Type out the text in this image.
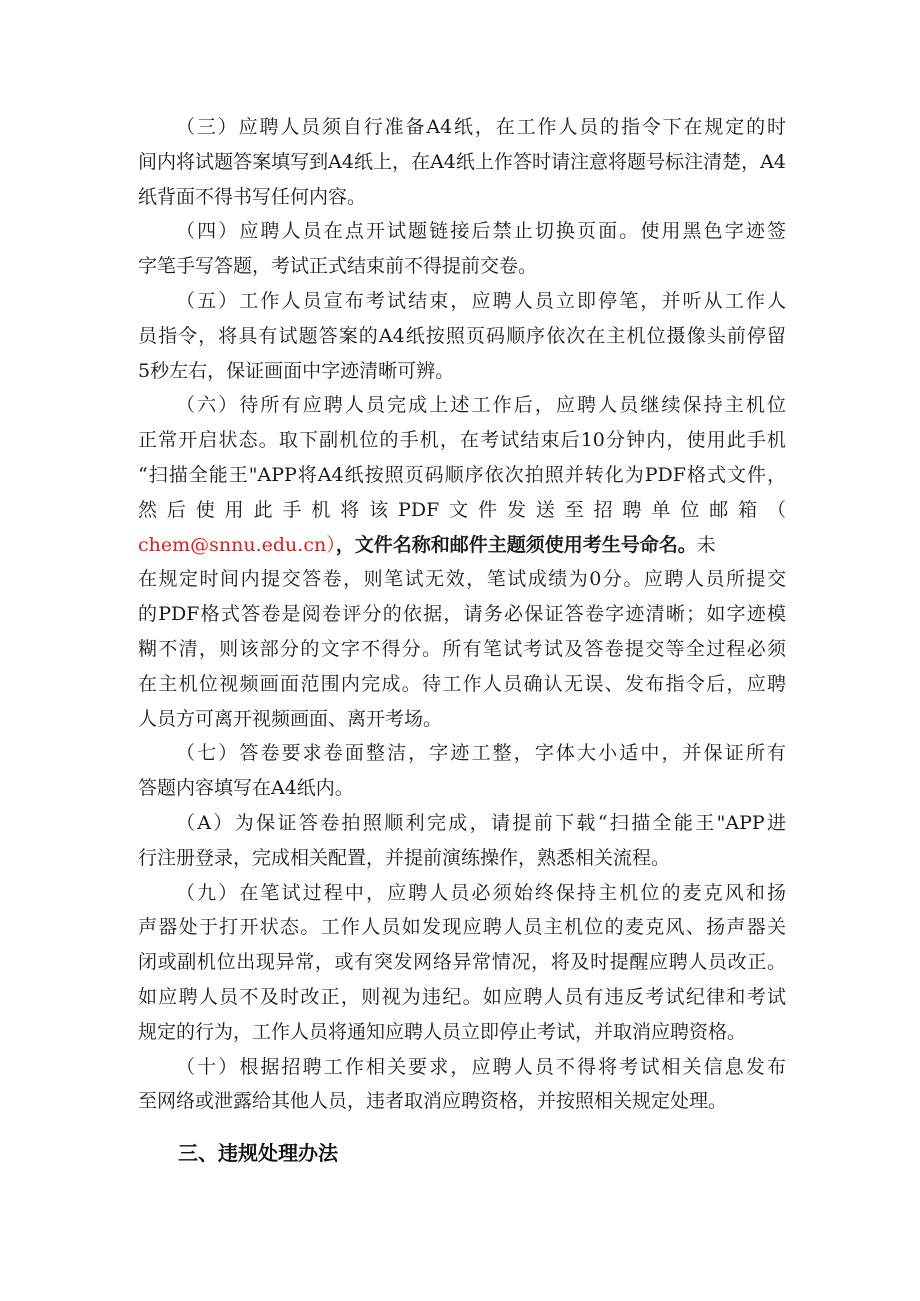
（三）应聘人员须自行准备A4纸，在工作人员的指令下在规定的时
间内将试题答案填写到A4纸上，在A4纸上作答时请注意将题号标注清楚，A4
纸背面不得书写任何内容。
（四）应聘人员在点开试题链接后禁止切换页面。使用黑色字迹签
字笔手写答题，考试正式结束前不得提前交卷。
（五）工作人员宣布考试结束，应聘人员立即停笔，并听从工作人
员指令，将具有试题答案的A4纸按照页码顺序依次在主机位摄像头前停留
5秒左右，保证画面中字迹清晰可辨。
（六）待所有应聘人员完成上述工作后，应聘人员继续保持主机位
正常开启状态。取下副机位的手机，在考试结束后10分钟内，使用此手机
“扫描全能王"APP将A4纸按照页码顺序依次拍照并转化为PDF格式文件，
然后使用此手机将该PDF文件发送至招聘单位邮箱（
chem@snnu.edu.cn），文件名称和邮件主题须使用考生号命名。未
在规定时间内提交答卷，则笔试无效，笔试成绩为0分。应聘人员所提交
的PDF格式答卷是阅卷评分的依据，请务必保证答卷字迹清晰；如字迹模
糊不清，则该部分的文字不得分。所有笔试考试及答卷提交等全过程必须
在主机位视频画面范围内完成。待工作人员确认无误、发布指令后，应聘
人员方可离开视频画面、离开考场。
（七）答卷要求卷面整洁，字迹工整，字体大小适中，并保证所有
答题内容填写在A4纸内。
（A）为保证答卷拍照顺利完成，请提前下载“扫描全能王"APP进
行注册登录，完成相关配置，并提前演练操作，熟悉相关流程。
（九）在笔试过程中，应聘人员必须始终保持主机位的麦克风和扬
声器处于打开状态。工作人员如发现应聘人员主机位的麦克风、扬声器关
闭或副机位出现异常，或有突发网络异常情况，将及时提醒应聘人员改正。
如应聘人员不及时改正，则视为违纪。如应聘人员有违反考试纪律和考试
规定的行为，工作人员将通知应聘人员立即停止考试，并取消应聘资格。
（十）根据招聘工作相关要求，应聘人员不得将考试相关信息发布
至网络或泄露给其他人员，违者取消应聘资格，并按照相关规定处理。
三、违规处理办法
